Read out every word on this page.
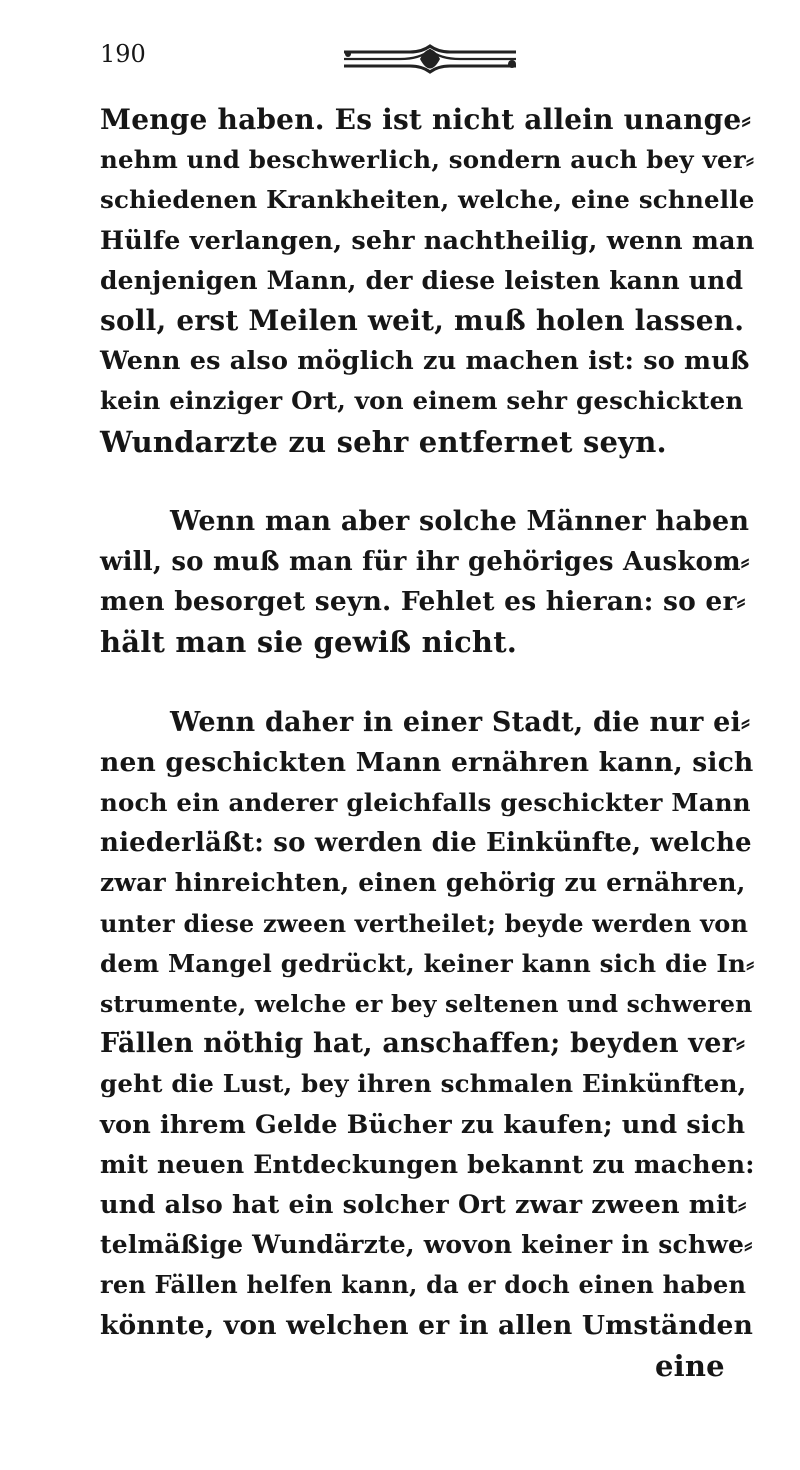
190
Menge haben. Es ist nicht allein unange⸗
nehm und beschwerlich, sondern auch bey ver⸗
schiedenen Krankheiten, welche, eine schnelle
Hülfe verlangen, sehr nachtheilig, wenn man
denjenigen Mann, der diese leisten kann und
soll, erst Meilen weit, muß holen lassen.
Wenn es also möglich zu machen ist: so muß
kein einziger Ort, von einem sehr geschickten
Wundarzte zu sehr entfernet seyn.
Wenn man aber solche Männer haben
will, so muß man für ihr gehöriges Auskom⸗
men besorget seyn. Fehlet es hieran: so er⸗
hält man sie gewiß nicht.
Wenn daher in einer Stadt, die nur ei⸗
nen geschickten Mann ernähren kann, sich
noch ein anderer gleichfalls geschickter Mann
niederläßt: so werden die Einkünfte, welche
zwar hinreichten, einen gehörig zu ernähren,
unter diese zween vertheilet; beyde werden von
dem Mangel gedrückt, keiner kann sich die In⸗
strumente, welche er bey seltenen und schweren
Fällen nöthig hat, anschaffen; beyden ver⸗
geht die Lust, bey ihren schmalen Einkünften,
von ihrem Gelde Bücher zu kaufen; und sich
mit neuen Entdeckungen bekannt zu machen:
und also hat ein solcher Ort zwar zween mit⸗
telmäßige Wundärzte, wovon keiner in schwe⸗
ren Fällen helfen kann, da er doch einen haben
könnte, von welchen er in allen Umständen
eine
